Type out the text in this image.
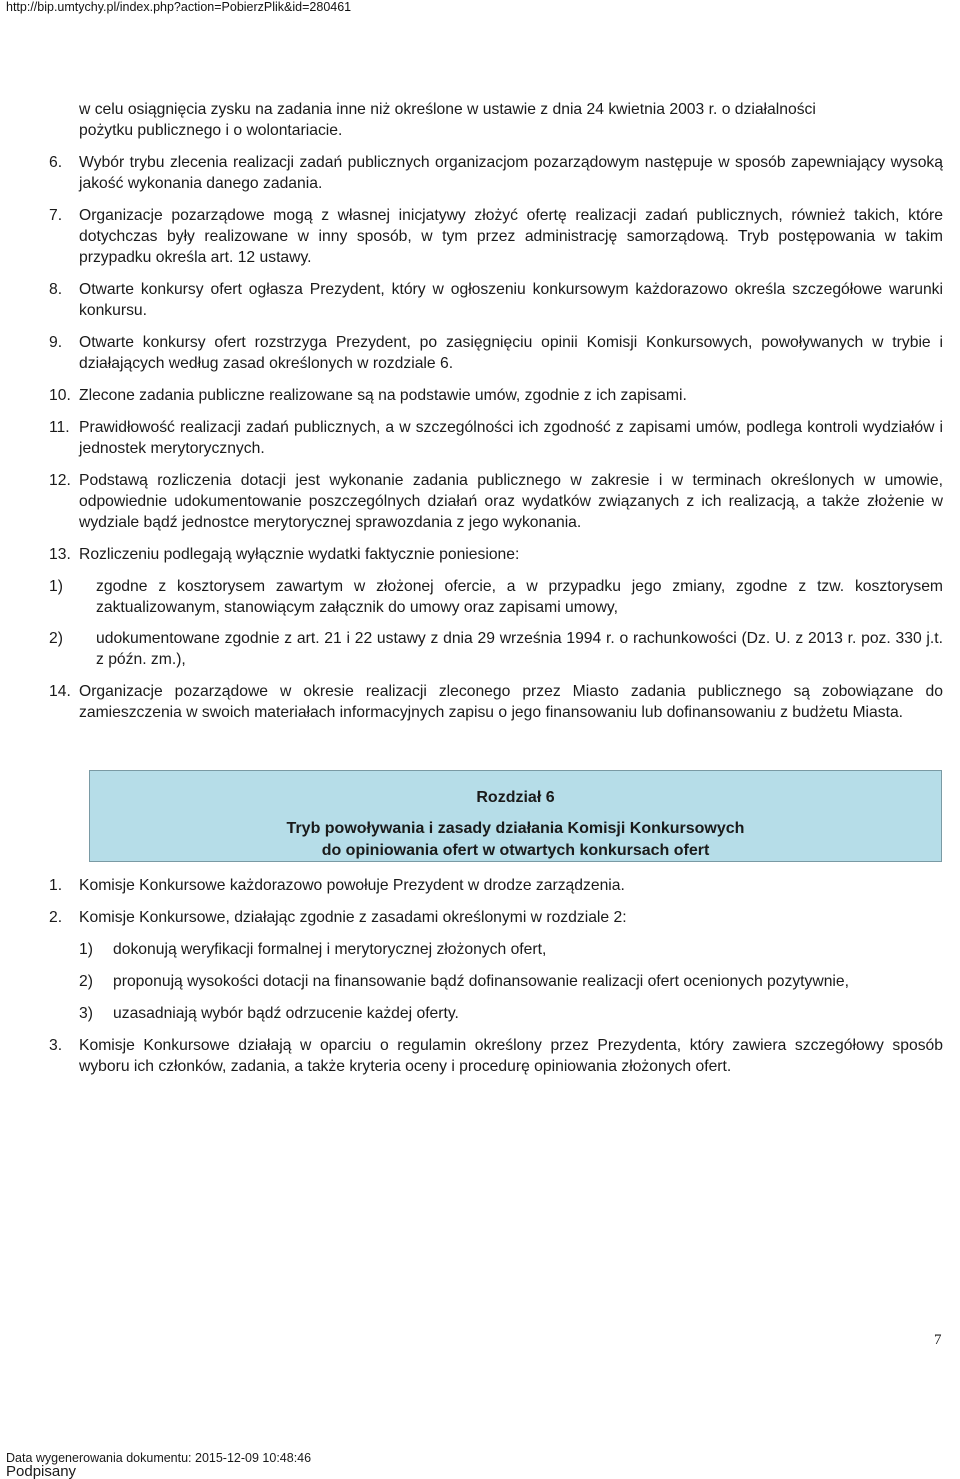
http://bip.umtychy.pl/index.php?action=PobierzPlik&id=280461
w celu osiągnięcia zysku na zadania inne niż określone w ustawie z dnia 24 kwietnia 2003 r. o działalności
pożytku publicznego i o wolontariacie.
6. Wybór trybu zlecenia realizacji zadań publicznych organizacjom pozarządowym następuje w sposób zapewniający wysoką jakość wykonania danego zadania.
7. Organizacje pozarządowe mogą z własnej inicjatywy złożyć ofertę realizacji zadań publicznych, również takich, które dotychczas były realizowane w inny sposób, w tym przez administrację samorządową. Tryb postępowania w takim przypadku określa art. 12 ustawy.
8. Otwarte konkursy ofert ogłasza Prezydent, który w ogłoszeniu konkursowym każdorazowo określa szczegółowe warunki konkursu.
9. Otwarte konkursy ofert rozstrzyga Prezydent, po zasięgnięciu opinii Komisji Konkursowych, powoływanych w trybie i działających według zasad określonych w rozdziale 6.
10. Zlecone zadania publiczne realizowane są na podstawie umów, zgodnie z ich zapisami.
11. Prawidłowość realizacji zadań publicznych, a w szczególności ich zgodność z zapisami umów, podlega kontroli wydziałów i jednostek merytorycznych.
12. Podstawą rozliczenia dotacji jest wykonanie zadania publicznego w zakresie i w terminach określonych w umowie, odpowiednie udokumentowanie poszczególnych działań oraz wydatków związanych z ich realizacją, a także złożenie w wydziale bądź jednostce merytorycznej sprawozdania z jego wykonania.
13. Rozliczeniu podlegają wyłącznie wydatki faktycznie poniesione:
1) zgodne z kosztorysem zawartym w złożonej ofercie, a w przypadku jego zmiany, zgodne z tzw. kosztorysem zaktualizowanym, stanowiącym załącznik do umowy oraz zapisami umowy,
2) udokumentowane zgodnie z art. 21 i 22 ustawy z dnia 29 września 1994 r. o rachunkowości (Dz. U. z 2013 r. poz. 330 j.t. z późn. zm.),
14. Organizacje pozarządowe w okresie realizacji zleconego przez Miasto zadania publicznego są zobowiązane do zamieszczenia w swoich materiałach informacyjnych zapisu o jego finansowaniu lub dofinansowaniu z budżetu Miasta.
Rozdział 6
Tryb powoływania i zasady działania Komisji Konkursowych
do opiniowania ofert w otwartych konkursach ofert
1. Komisje Konkursowe każdorazowo powołuje Prezydent w drodze zarządzenia.
2. Komisje Konkursowe, działając zgodnie z zasadami określonymi w rozdziale 2:
1) dokonują weryfikacji formalnej i merytorycznej złożonych ofert,
2) proponują wysokości dotacji na finansowanie bądź dofinansowanie realizacji ofert ocenionych pozytywnie,
3) uzasadniają wybór bądź odrzucenie każdej oferty.
3. Komisje Konkursowe działają w oparciu o regulamin określony przez Prezydenta, który zawiera szczegółowy sposób wyboru ich członków, zadania, a także kryteria oceny i procedurę opiniowania złożonych ofert.
7
Data wygenerowania dokumentu: 2015-12-09 10:48:46
Podpisany
